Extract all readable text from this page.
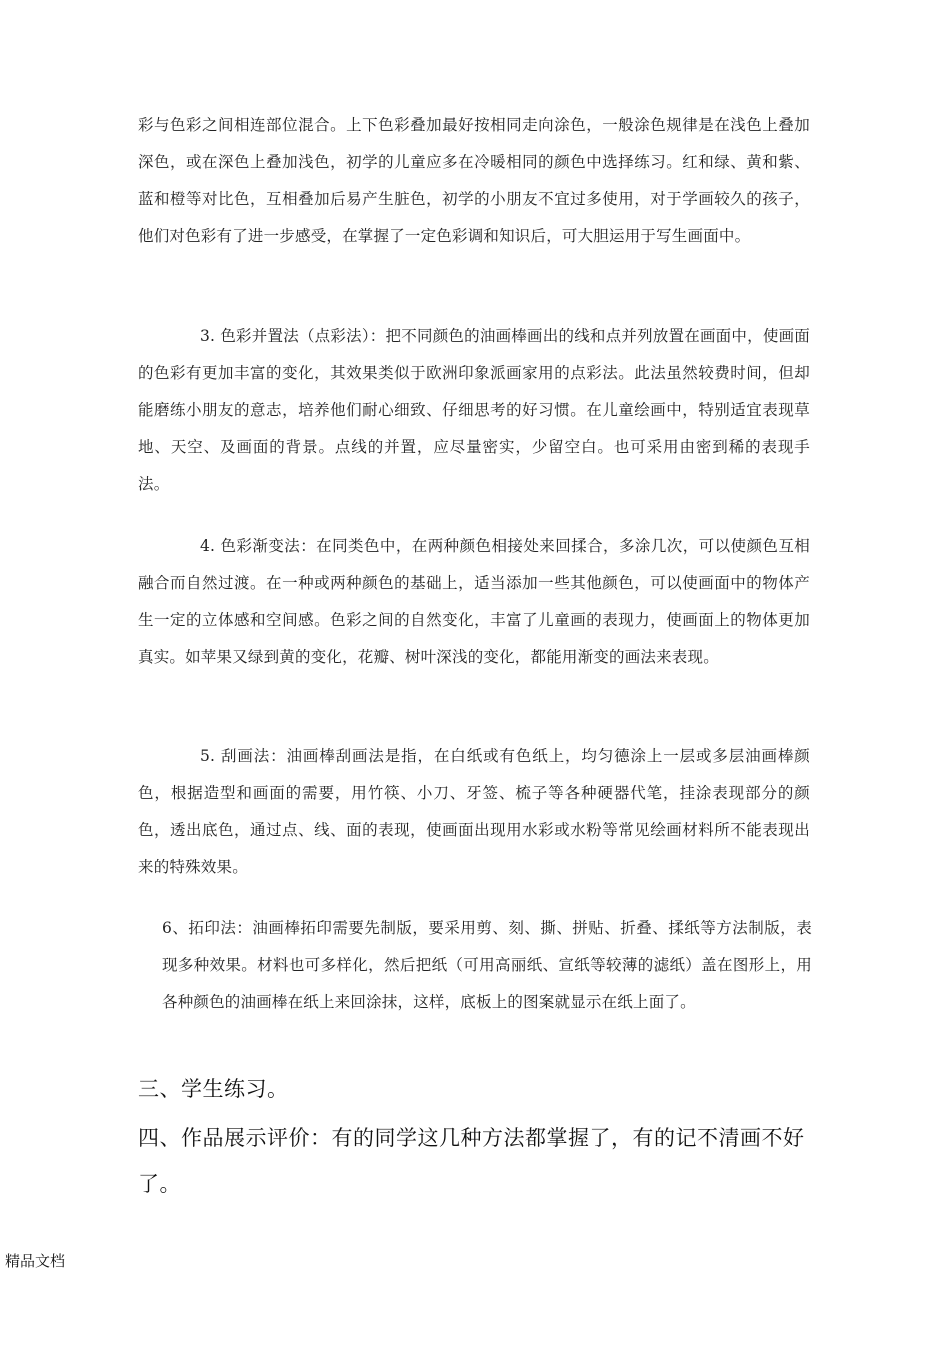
彩与色彩之间相连部位混合。上下色彩叠加最好按相同走向涂色，一般涂色规律是在浅色上叠加深色，或在深色上叠加浅色，初学的儿童应多在冷暖相同的颜色中选择练习。红和绿、黄和紫、蓝和橙等对比色，互相叠加后易产生脏色，初学的小朋友不宜过多使用，对于学画较久的孩子，他们对色彩有了进一步感受，在掌握了一定色彩调和知识后，可大胆运用于写生画面中。

3. 色彩并置法（点彩法）：把不同颜色的油画棒画出的线和点并列放置在画面中，使画面的色彩有更加丰富的变化，其效果类似于欧洲印象派画家用的点彩法。此法虽然较费时间，但却能磨练小朋友的意志，培养他们耐心细致、仔细思考的好习惯。在儿童绘画中，特别适宜表现草地、天空、及画面的背景。点线的并置，应尽量密实，少留空白。也可采用由密到稀的表现手法。

4. 色彩渐变法：在同类色中，在两种颜色相接处来回揉合，多涂几次，可以使颜色互相融合而自然过渡。在一种或两种颜色的基础上，适当添加一些其他颜色，可以使画面中的物体产生一定的立体感和空间感。色彩之间的自然变化，丰富了儿童画的表现力，使画面上的物体更加真实。如苹果又绿到黄的变化，花瓣、树叶深浅的变化，都能用渐变的画法来表现。

5. 刮画法：油画棒刮画法是指，在白纸或有色纸上，均匀德涂上一层或多层油画棒颜色，根据造型和画面的需要，用竹筷、小刀、牙签、梳子等各种硬器代笔，挂涂表现部分的颜色，透出底色，通过点、线、面的表现，使画面出现用水彩或水粉等常见绘画材料所不能表现出来的特殊效果。

6、拓印法：油画棒拓印需要先制版，要采用剪、刻、撕、拼贴、折叠、揉纸等方法制版，表现多种效果。材料也可多样化，然后把纸（可用高丽纸、宣纸等较薄的滤纸）盖在图形上，用各种颜色的油画棒在纸上来回涂抹，这样，底板上的图案就显示在纸上面了。

三、学生练习。

四、作品展示评价：有的同学这几种方法都掌握了，有的记不清画不好了。

精品文档
